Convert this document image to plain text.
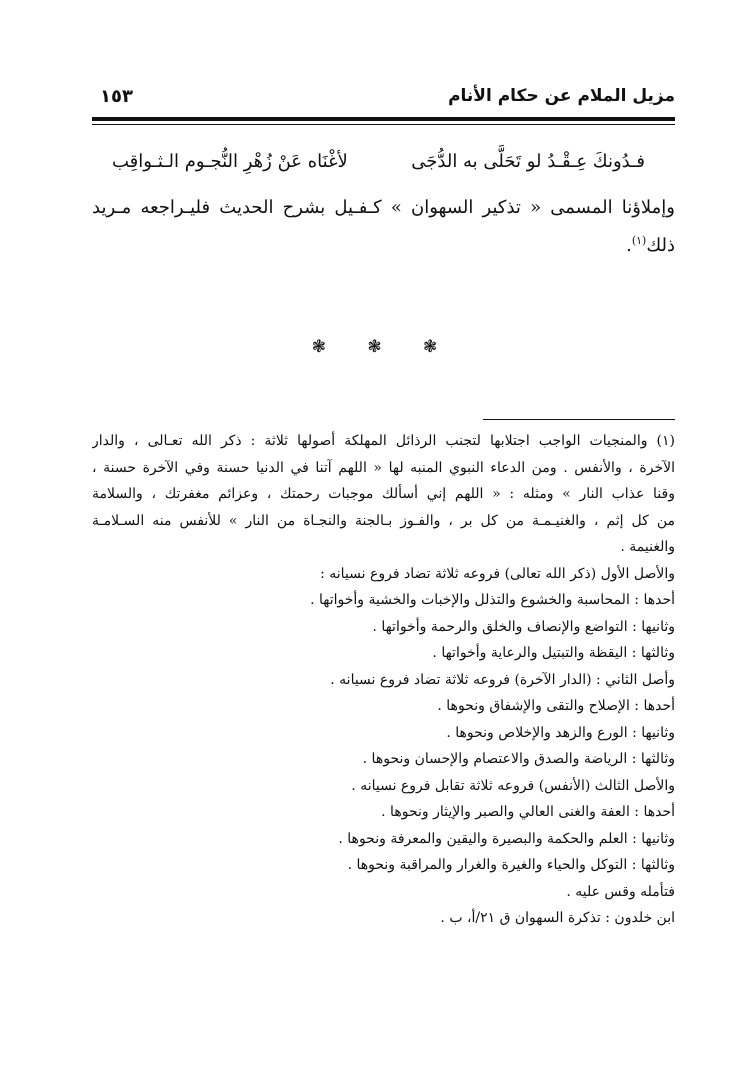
مزيل الملام عن حكام الأنام
١٥٣
فـدُونكَ عِـقْـدُ لو تَحَلَّى به الدُّجَى
لأغْنَاه عَنْ زُهْرِ النُّجـوم الـثـواقِب
وإملاؤنا المسمى « تذكير السهوان » كـفـيل بشرح الحديث فليـراجعه مـريد ذلك$^{(١)}$.
❃ ❃ ❃
(١) والمنجيات الواجب اجتلابها لتجنب الرذائل المهلكة أصولها ثلاثة : ذكر الله تعـالى ، والدار
الآخرة ، والأنفس . ومن الدعاء النبوي المنبه لها « اللهم آتنا في الدنيا حسنة وفي الآخرة حسنة ،
وقنا عذاب النار » ومثله : « اللهم إني أسألك موجبات رحمتك ، وعزائم مغفرتك ، والسلامة
من كل إثم ، والغنيـمـة من كل بر ، والفـوز بـالجنة والنجـاة من النار » للأنفس منه السـلامـة
والغنيمة .
والأصل الأول (ذكر الله تعالى) فروعه ثلاثة تضاد فروع نسيانه :
أحدها : المحاسبة والخشوع والتذلل والإخبات والخشية وأخواتها .
وثانيها : التواضع والإنصاف والخلق والرحمة وأخواتها .
وثالثها : اليقظة والتبتيل والرعاية وأخواتها .
وأصل الثاني : (الدار الآخرة) فروعه ثلاثة تضاد فروع نسيانه .
أحدها : الإصلاح والتقى والإشفاق ونحوها .
وثانيها : الورع والزهد والإخلاص ونحوها .
وثالثها : الرياضة والصدق والاعتصام والإحسان ونحوها .
والأصل الثالث (الأنفس) فروعه ثلاثة تقابل فروع نسيانه .
أحدها : العفة والغنى العالي والصبر والإيثار ونحوها .
وثانيها : العلم والحكمة والبصيرة واليقين والمعرفة ونحوها .
وثالثها : التوكل والحياء والغيرة والغرار والمراقبة ونحوها .
فتأمله وقس عليه .
ابن خلدون : تذكرة السهوان ق ٢١/أ، ب .
